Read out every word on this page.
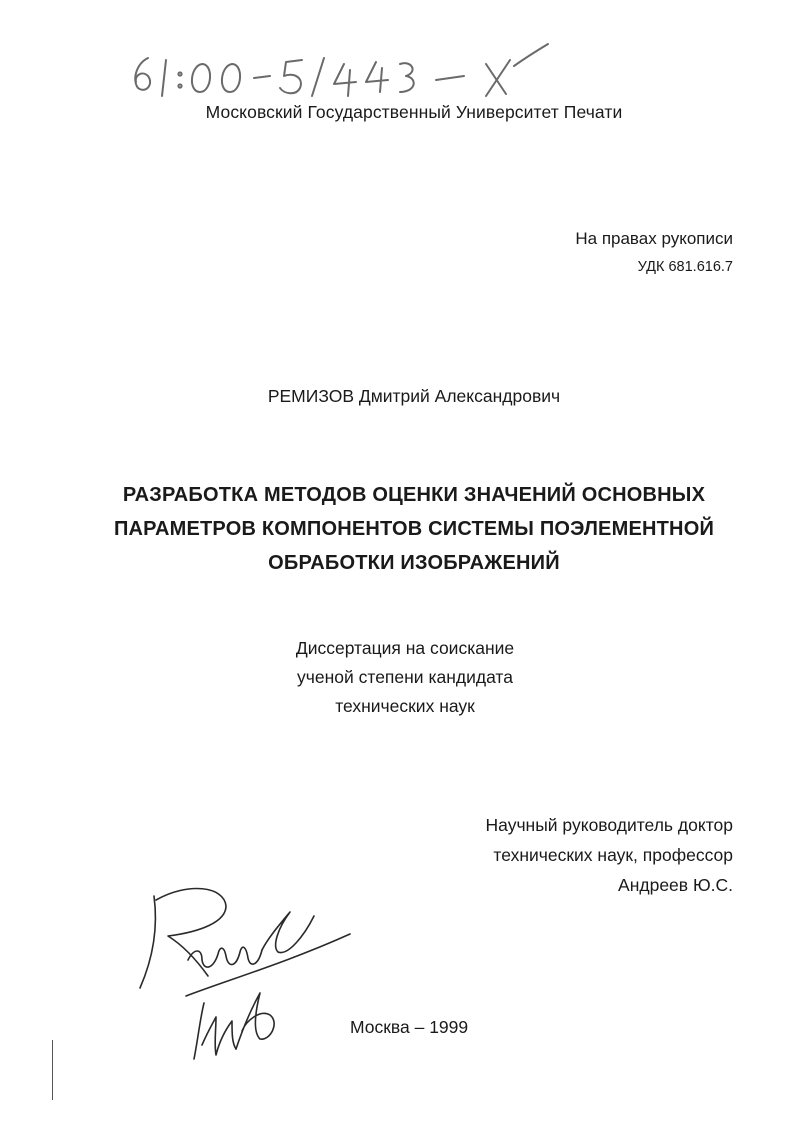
Московский Государственный Университет Печати
На правах рукописи
УДК 681.616.7
РЕМИЗОВ Дмитрий Александрович
РАЗРАБОТКА МЕТОДОВ ОЦЕНКИ ЗНАЧЕНИЙ ОСНОВНЫХ
ПАРАМЕТРОВ КОМПОНЕНТОВ СИСТЕМЫ ПОЭЛЕМЕНТНОЙ
ОБРАБОТКИ ИЗОБРАЖЕНИЙ
Диссертация на соискание
ученой степени кандидата
технических наук
Научный руководитель доктор
технических наук, профессор
Андреев Ю.С.
Москва – 1999
